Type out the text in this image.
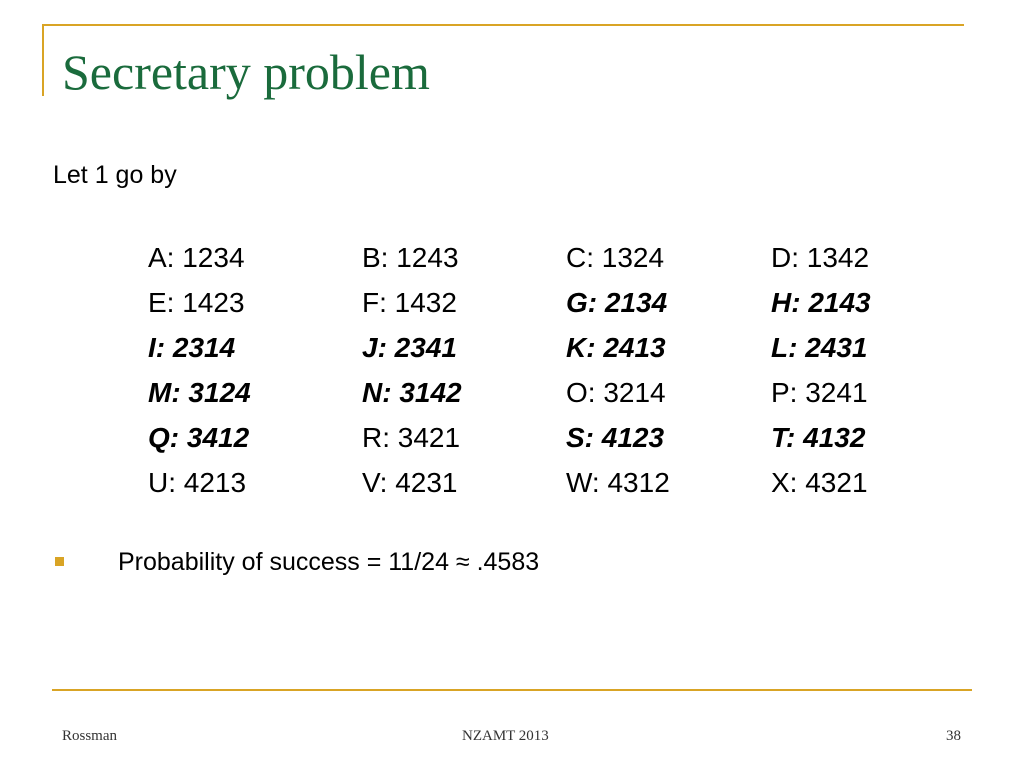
Secretary problem
Let 1 go by
A: 1234	B: 1243	C: 1324	D: 1342
E: 1423	F: 1432	G: 2134	H: 2143
I: 2314	J: 2341	K: 2413	L: 2431
M: 3124	N: 3142	O: 3214	P: 3241
Q: 3412	R: 3421	S: 4123	T: 4132
U: 4213	V: 4231	W: 4312	X: 4321
Probability of success = 11/24 ≈ .4583
Rossman	NZAMT 2013	38
